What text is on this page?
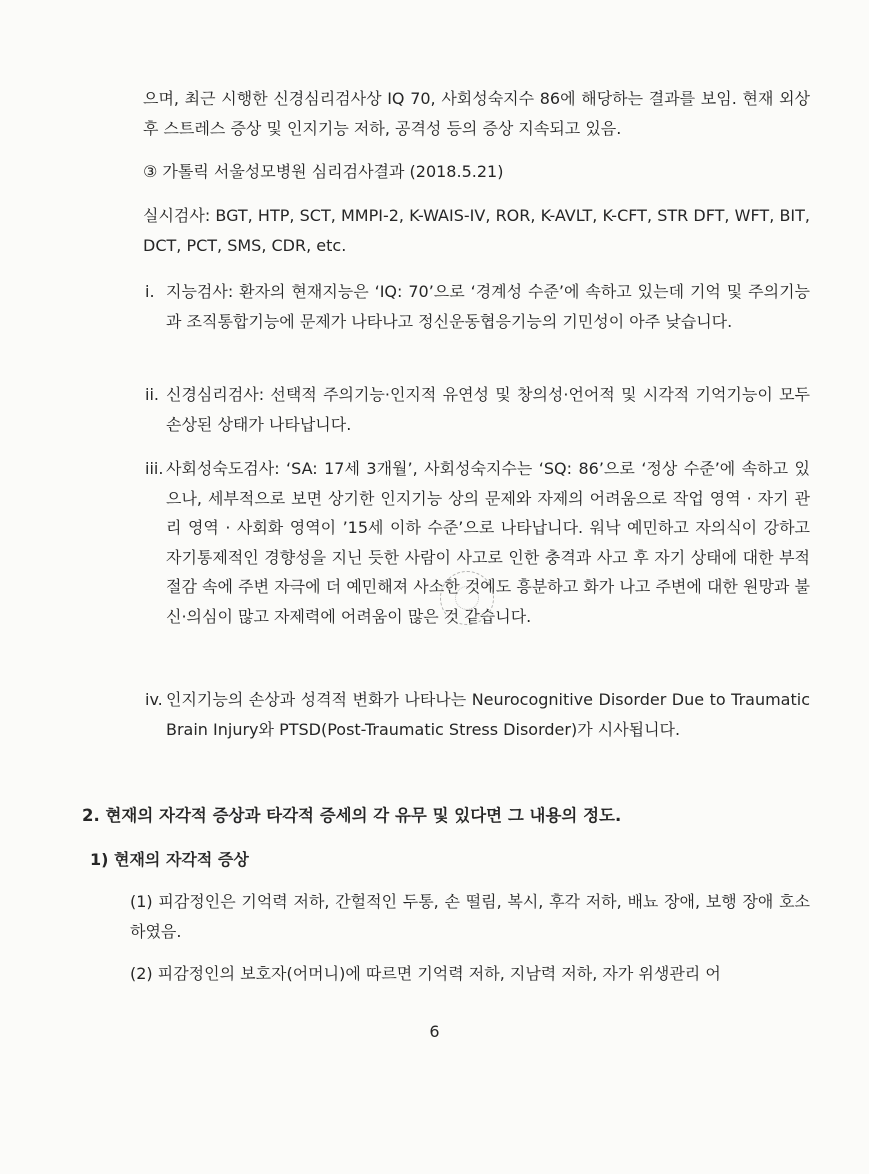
으며, 최근 시행한 신경심리검사상 IQ 70, 사회성숙지수 86에 해당하는 결과를 보임. 현재 외상 후 스트레스 증상 및 인지기능 저하, 공격성 등의 증상 지속되고 있음.

③ 가톨릭 서울성모병원 심리검사결과 (2018.5.21)

실시검사: BGT, HTP, SCT, MMPI-2, K-WAIS-IV, ROR, K-AVLT, K-CFT, STR DFT, WFT, BIT, DCT, PCT, SMS, CDR, etc.

i. 지능검사: 환자의 현재지능은 ‘IQ: 70’으로 ‘경계성 수준’에 속하고 있는데 기억 및 주의기능과 조직통합기능에 문제가 나타나고 정신운동협응기능의 기민성이 아주 낮습니다.

ii. 신경심리검사: 선택적 주의기능·인지적 유연성 및 창의성·언어적 및 시각적 기억기능이 모두 손상된 상태가 나타납니다.

iii. 사회성숙도검사: ‘SA: 17세 3개월’, 사회성숙지수는 ‘SQ: 86’으로 ‘정상 수준’에 속하고 있으나, 세부적으로 보면 상기한 인지기능 상의 문제와 자제의 어려움으로 작업 영역 · 자기 관리 영역 · 사회화 영역이 ’15세 이하 수준’으로 나타납니다. 워낙 예민하고 자의식이 강하고 자기통제적인 경향성을 지닌 듯한 사람이 사고로 인한 충격과 사고 후 자기 상태에 대한 부적절감 속에 주변 자극에 더 예민해져 사소한 것에도 흥분하고 화가 나고 주변에 대한 원망과 불신·의심이 많고 자제력에 어려움이 많은 것 같습니다.

iv. 인지기능의 손상과 성격적 변화가 나타나는 Neurocognitive Disorder Due to Traumatic Brain Injury와 PTSD(Post-Traumatic Stress Disorder)가 시사됩니다.

2. 현재의 자각적 증상과 타각적 증세의 각 유무 및 있다면 그 내용의 정도.
1) 현재의 자각적 증상

(1) 피감정인은 기억력 저하, 간헐적인 두통, 손 떨림, 복시, 후각 저하, 배뇨 장애, 보행 장애 호소하였음.

(2) 피감정인의 보호자(어머니)에 따르면 기억력 저하, 지남력 저하, 자가 위생관리 어

6
